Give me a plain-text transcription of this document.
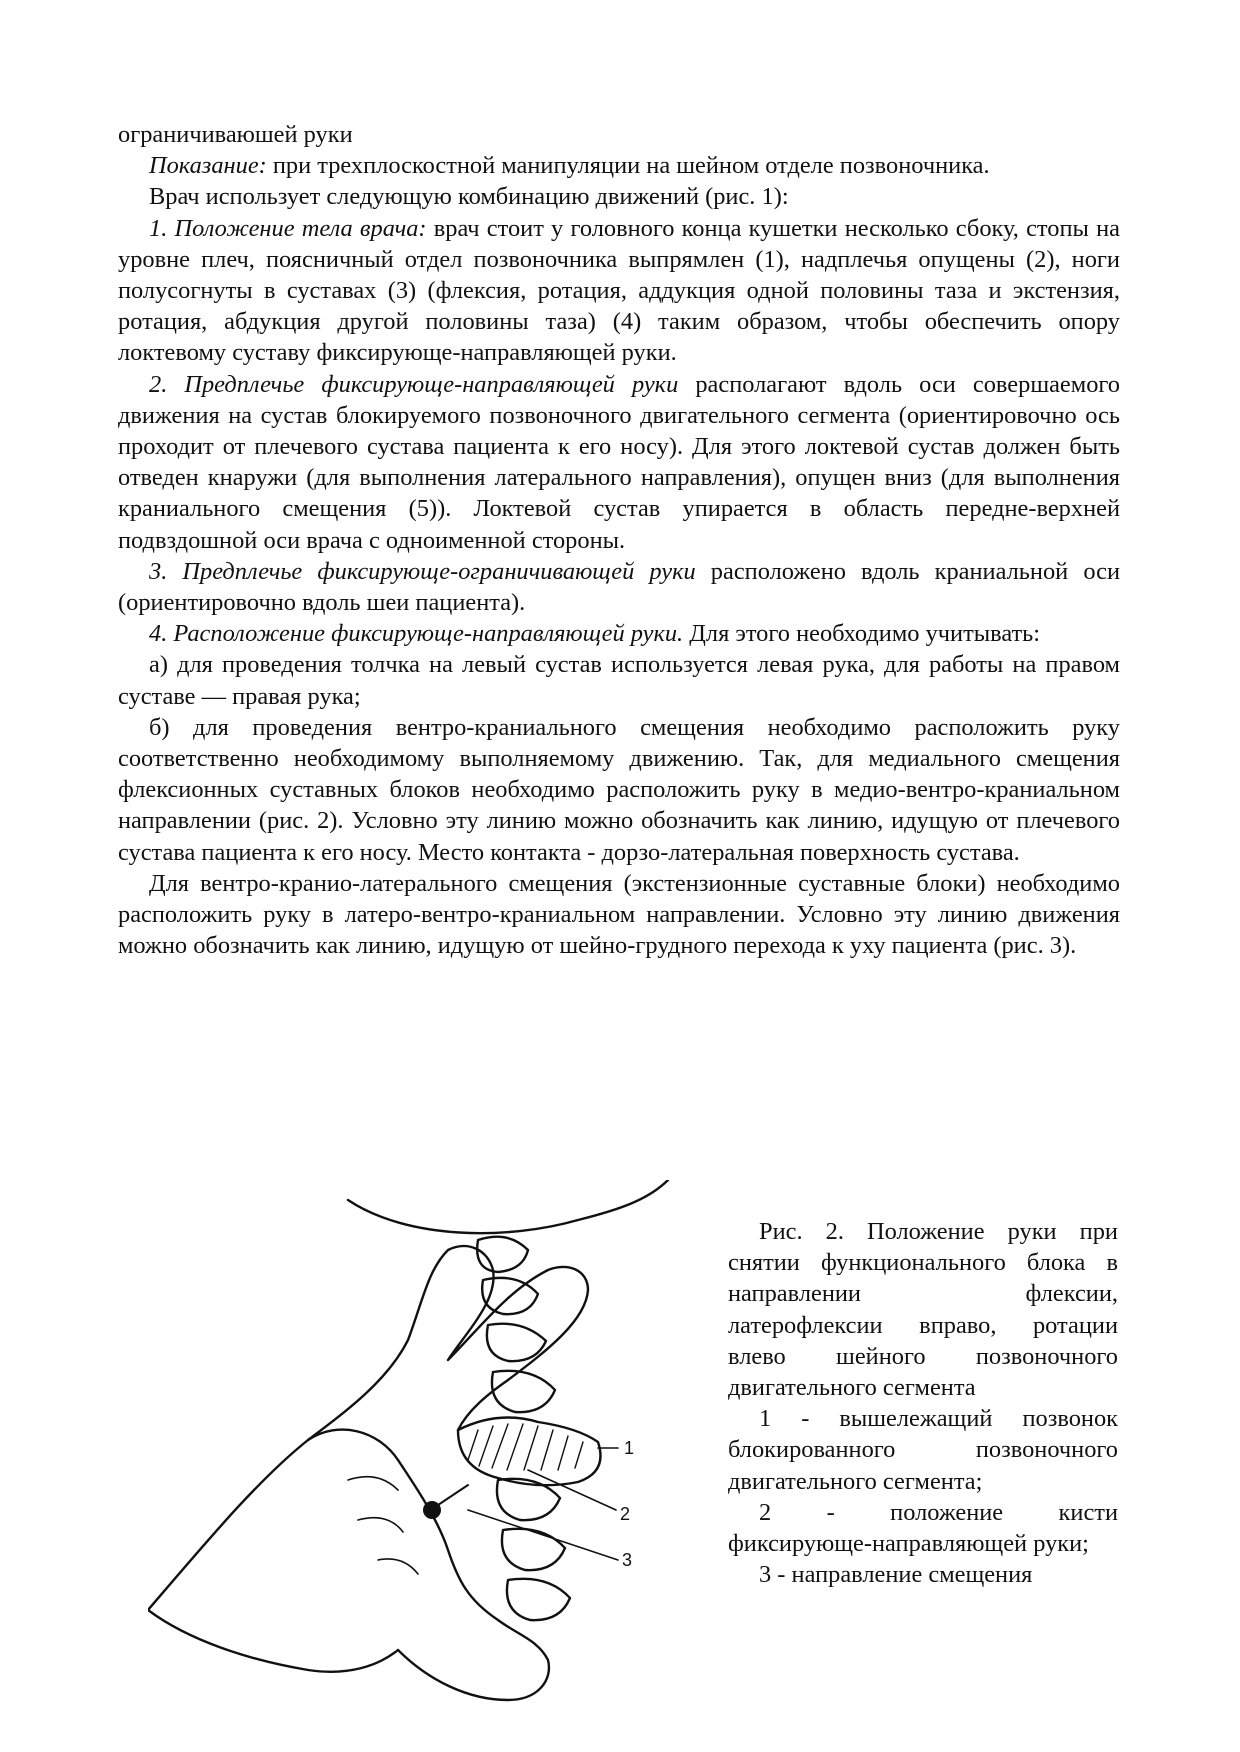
ограничиваюшей руки

Показание: при трехплоскостной манипуляции на шейном отделе позвоночника.

Врач использует следующую комбинацию движений (рис. 1):

1. Положение тела врача: врач стоит у головного конца кушетки несколько сбоку, стопы на уровне плеч, поясничный отдел позвоночника выпрямлен (1), надплечья опущены (2), ноги полусогнуты в суставах (3) (флексия, ротация, аддукция одной половины таза и экстензия, ротация, абдукция другой половины таза) (4) таким образом, чтобы обеспечить опору локтевому суставу фиксирующе-направляющей руки.

2. Предплечье фиксирующе-направляющей руки располагают вдоль оси совершаемого движения на сустав блокируемого позвоночного двигательного сегмента (ориентировочно ось проходит от плечевого сустава пациента к его носу). Для этого локтевой сустав должен быть отведен кнаружи (для выполнения латерального направления), опущен вниз (для выполнения краниального смещения (5)). Локтевой сустав упирается в область передне-верхней подвздошной оси врача с одноименной стороны.

3. Предплечье фиксирующе-ограничивающей руки расположено вдоль краниальной оси (ориентировочно вдоль шеи пациента).

4. Расположение фиксирующе-направляющей руки. Для этого необходимо учитывать:

а) для проведения толчка на левый сустав используется левая рука, для работы на правом суставе — правая рука;

б) для проведения вентро-краниального смещения необходимо расположить руку соответственно необходимому выполняемому движению. Так, для медиального смещения флексионных суставных блоков необходимо расположить руку в медио-вентро-краниальном направлении (рис. 2). Условно эту линию можно обозначить как линию, идущую от плечевого сустава пациента к его носу. Место контакта - дорзо-латеральная поверхность сустава.

Для вентро-кранио-латерального смещения (экстензионные суставные блоки) необходимо расположить руку в латеро-вентро-краниальном направлении. Условно эту линию движения можно обозначить как линию, идущую от шейно-грудного перехода к уху пациента (рис. 3).

1
2
3

Рис. 2. Положение руки при снятии функционального блока в направлении флексии, латерофлексии вправо, ротации влево шейного позвоночного двигательного сегмента

1 - вышележащий позвонок блокированного позвоночного двигательного сегмента;

2 - положение кисти фиксирующе-направляющей руки;

3 - направление смещения
